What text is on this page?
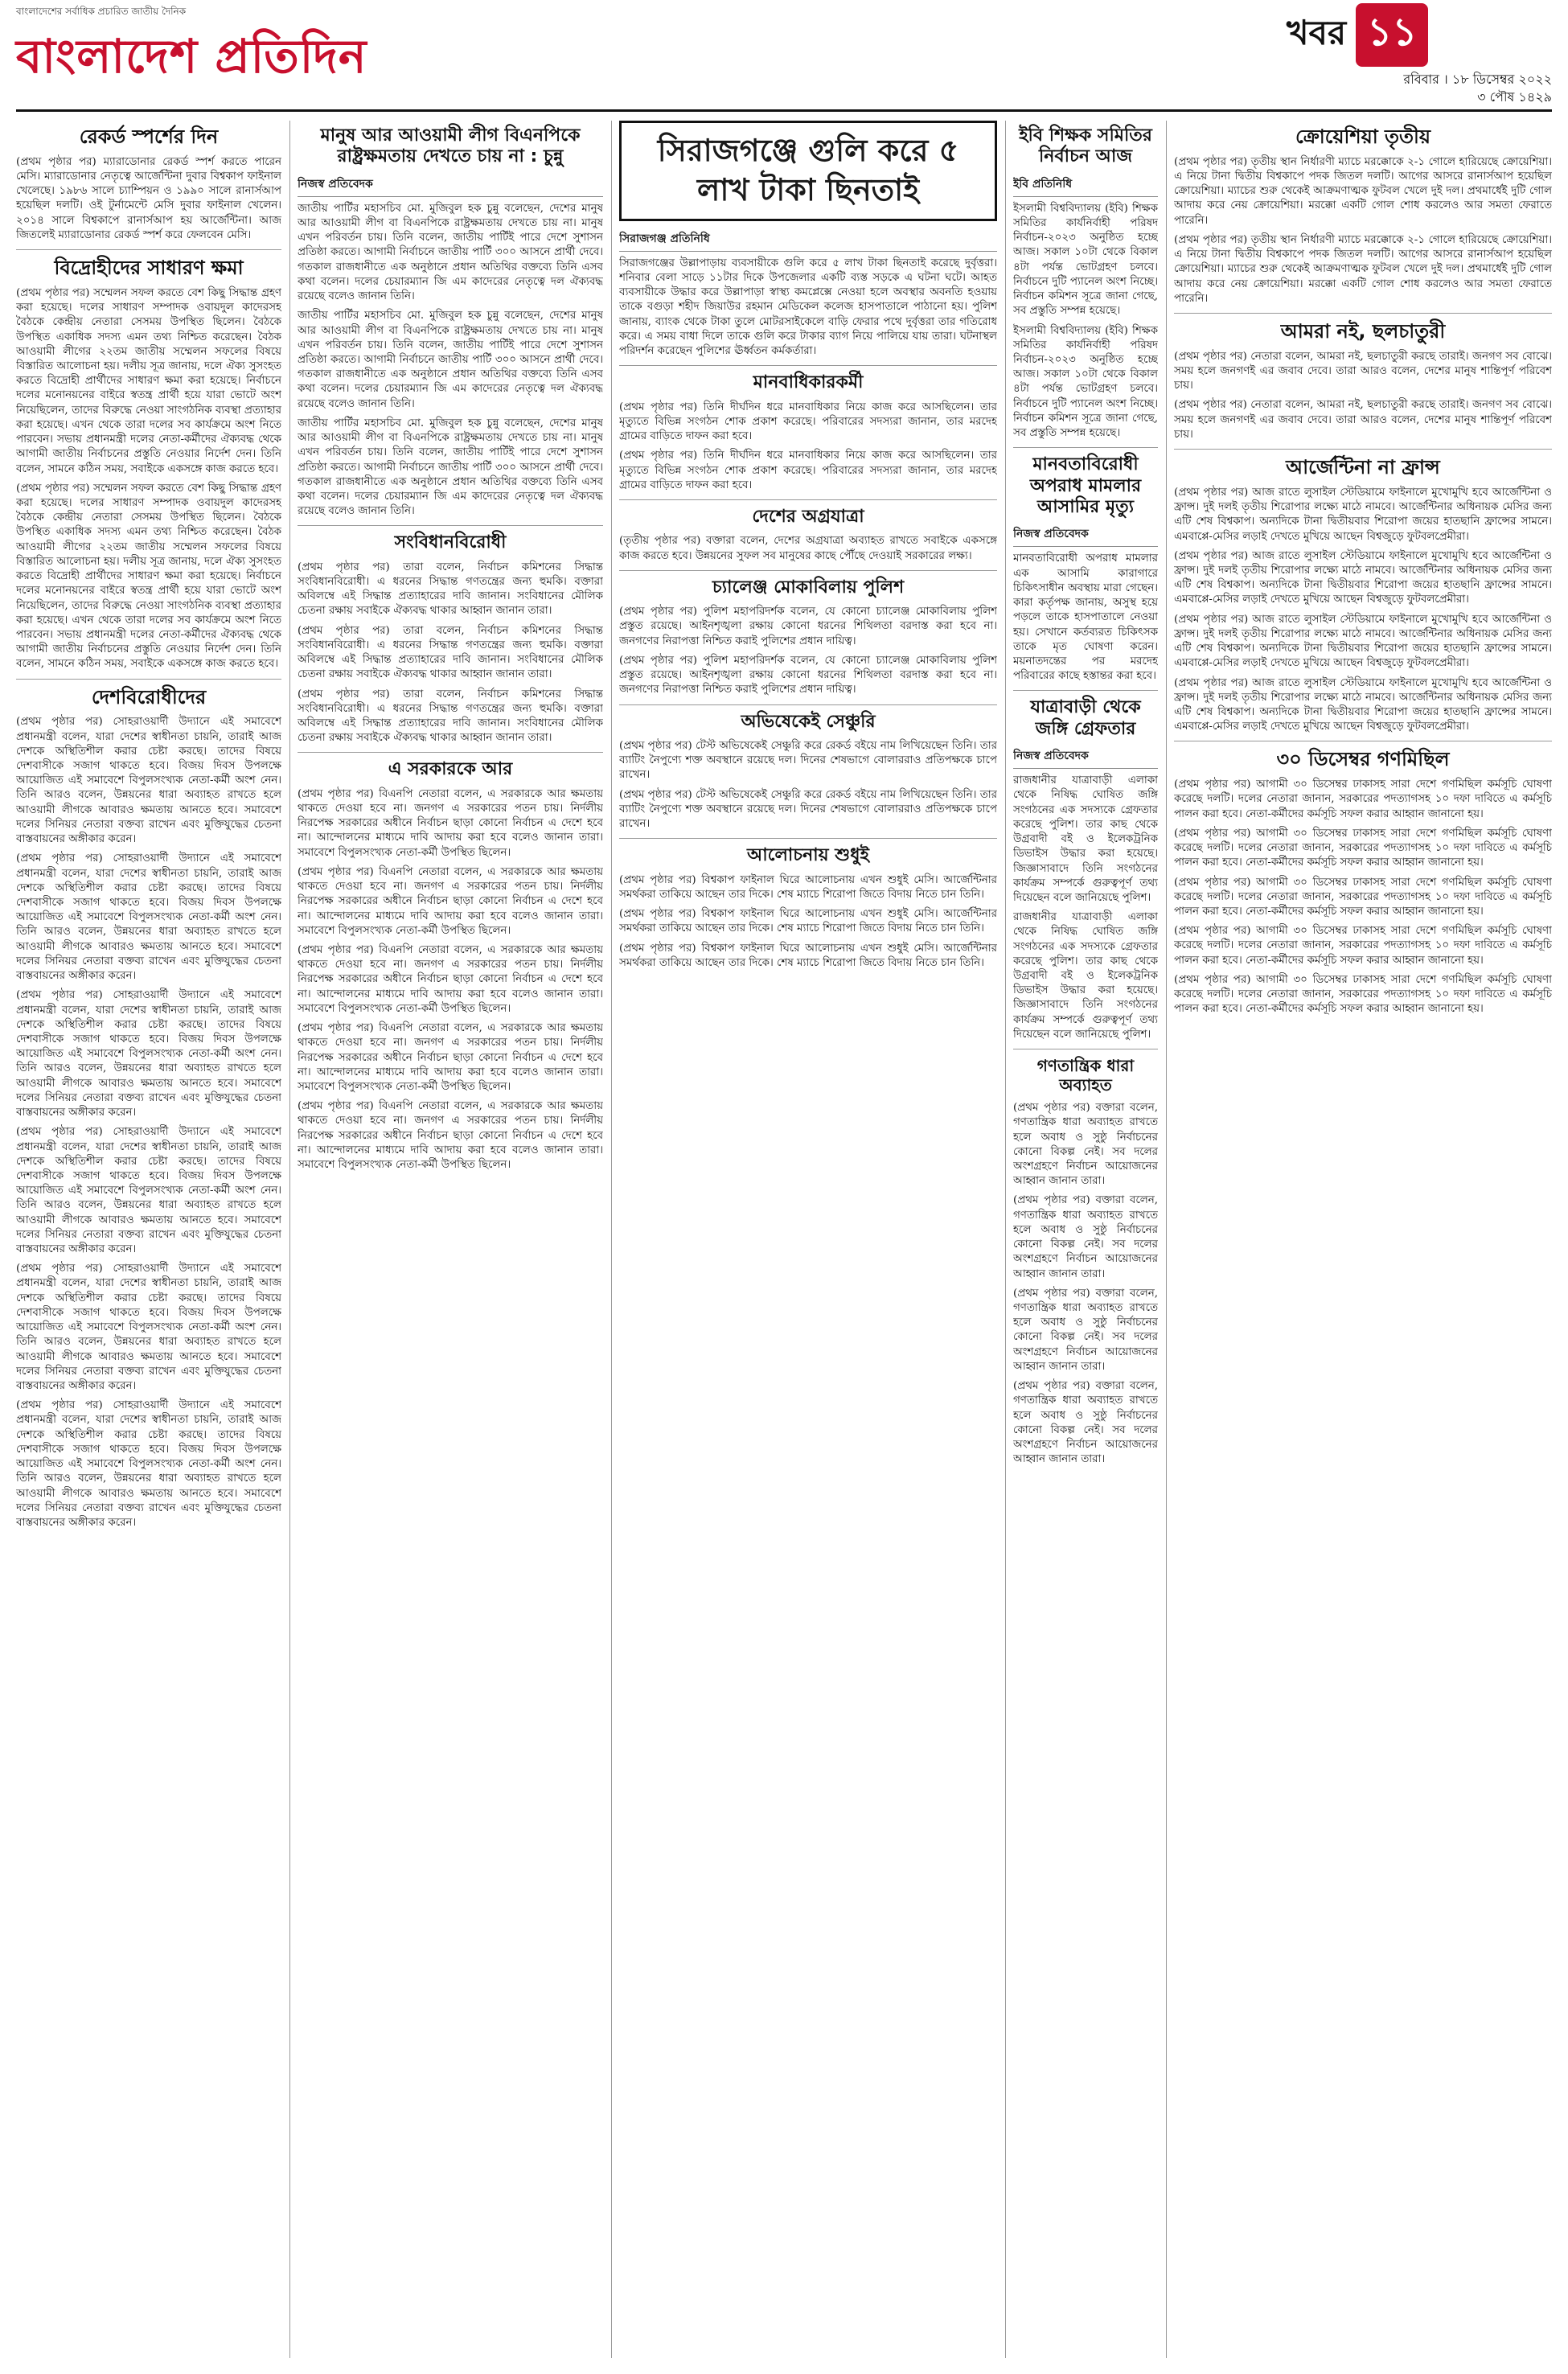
বাংলাদেশের সর্বাধিক প্রচারিত জাতীয় দৈনিক
বাংলাদেশ প্রতিদিন	খবর ১১
রবিবার । ১৮ ডিসেম্বর ২০২২
৩ পৌষ ১৪২৯
রেকর্ড স্পর্শের দিন

(প্রথম পৃষ্ঠার পর) ম্যারাডোনার রেকর্ড স্পর্শ করতে পারেন মেসি। ম্যারাডোনার নেতৃত্বে আর্জেন্টিনা দুবার বিশ্বকাপ ফাইনাল খেলেছে। ১৯৮৬ সালে চ্যাম্পিয়ন ও ১৯৯০ সালে রানার্সআপ হয়েছিল দলটি। ওই টুর্নামেন্টে মেসি দুবার ফাইনাল খেলেন। ২০১৪ সালে বিশ্বকাপে রানার্সআপ হয় আর্জেন্টিনা। আজ জিতলেই ম্যারাডোনার রেকর্ড স্পর্শ করে ফেলবেন মেসি।

বিদ্রোহীদের সাধারণ ক্ষমা

(প্রথম পৃষ্ঠার পর) সম্মেলন সফল করতে বেশ কিছু সিদ্ধান্ত গ্রহণ করা হয়েছে। দলের সাধারণ সম্পাদক ওবায়দুল কাদেরসহ বৈঠকে কেন্দ্রীয় নেতারা সেসময় উপস্থিত ছিলেন। বৈঠকে উপস্থিত একাধিক সদস্য এমন তথ্য নিশ্চিত করেছেন। বৈঠক আওয়ামী লীগের ২২তম জাতীয় সম্মেলন সফলের বিষয়ে বিস্তারিত আলোচনা হয়। দলীয় সূত্র জানায়, দলে ঐক্য সুসংহত করতে বিদ্রোহী প্রার্থীদের সাধারণ ক্ষমা করা হয়েছে। নির্বাচনে দলের মনোনয়নের বাইরে স্বতন্ত্র প্রার্থী হয়ে যারা ভোটে অংশ নিয়েছিলেন, তাদের বিরুদ্ধে নেওয়া সাংগঠনিক ব্যবস্থা প্রত্যাহার করা হয়েছে। এখন থেকে তারা দলের সব কার্যক্রমে অংশ নিতে পারবেন। সভায় প্রধানমন্ত্রী দলের নেতা-কর্মীদের ঐক্যবদ্ধ থেকে আগামী জাতীয় নির্বাচনের প্রস্তুতি নেওয়ার নির্দেশ দেন। তিনি বলেন, সামনে কঠিন সময়, সবাইকে একসঙ্গে কাজ করতে হবে।

(প্রথম পৃষ্ঠার পর) সম্মেলন সফল করতে বেশ কিছু সিদ্ধান্ত গ্রহণ করা হয়েছে। দলের সাধারণ সম্পাদক ওবায়দুল কাদেরসহ বৈঠকে কেন্দ্রীয় নেতারা সেসময় উপস্থিত ছিলেন। বৈঠকে উপস্থিত একাধিক সদস্য এমন তথ্য নিশ্চিত করেছেন। বৈঠক আওয়ামী লীগের ২২তম জাতীয় সম্মেলন সফলের বিষয়ে বিস্তারিত আলোচনা হয়। দলীয় সূত্র জানায়, দলে ঐক্য সুসংহত করতে বিদ্রোহী প্রার্থীদের সাধারণ ক্ষমা করা হয়েছে। নির্বাচনে দলের মনোনয়নের বাইরে স্বতন্ত্র প্রার্থী হয়ে যারা ভোটে অংশ নিয়েছিলেন, তাদের বিরুদ্ধে নেওয়া সাংগঠনিক ব্যবস্থা প্রত্যাহার করা হয়েছে। এখন থেকে তারা দলের সব কার্যক্রমে অংশ নিতে পারবেন। সভায় প্রধানমন্ত্রী দলের নেতা-কর্মীদের ঐক্যবদ্ধ থেকে আগামী জাতীয় নির্বাচনের প্রস্তুতি নেওয়ার নির্দেশ দেন। তিনি বলেন, সামনে কঠিন সময়, সবাইকে একসঙ্গে কাজ করতে হবে।

দেশবিরোধীদের

(প্রথম পৃষ্ঠার পর) সোহরাওয়ার্দী উদ্যানে এই সমাবেশে প্রধানমন্ত্রী বলেন, যারা দেশের স্বাধীনতা চায়নি, তারাই আজ দেশকে অস্থিতিশীল করার চেষ্টা করছে। তাদের বিষয়ে দেশবাসীকে সজাগ থাকতে হবে। বিজয় দিবস উপলক্ষে আয়োজিত এই সমাবেশে বিপুলসংখ্যক নেতা-কর্মী অংশ নেন। তিনি আরও বলেন, উন্নয়নের ধারা অব্যাহত রাখতে হলে আওয়ামী লীগকে আবারও ক্ষমতায় আনতে হবে। সমাবেশে দলের সিনিয়র নেতারা বক্তব্য রাখেন এবং মুক্তিযুদ্ধের চেতনা বাস্তবায়নের অঙ্গীকার করেন।

(প্রথম পৃষ্ঠার পর) সোহরাওয়ার্দী উদ্যানে এই সমাবেশে প্রধানমন্ত্রী বলেন, যারা দেশের স্বাধীনতা চায়নি, তারাই আজ দেশকে অস্থিতিশীল করার চেষ্টা করছে। তাদের বিষয়ে দেশবাসীকে সজাগ থাকতে হবে। বিজয় দিবস উপলক্ষে আয়োজিত এই সমাবেশে বিপুলসংখ্যক নেতা-কর্মী অংশ নেন। তিনি আরও বলেন, উন্নয়নের ধারা অব্যাহত রাখতে হলে আওয়ামী লীগকে আবারও ক্ষমতায় আনতে হবে। সমাবেশে দলের সিনিয়র নেতারা বক্তব্য রাখেন এবং মুক্তিযুদ্ধের চেতনা বাস্তবায়নের অঙ্গীকার করেন।

(প্রথম পৃষ্ঠার পর) সোহরাওয়ার্দী উদ্যানে এই সমাবেশে প্রধানমন্ত্রী বলেন, যারা দেশের স্বাধীনতা চায়নি, তারাই আজ দেশকে অস্থিতিশীল করার চেষ্টা করছে। তাদের বিষয়ে দেশবাসীকে সজাগ থাকতে হবে। বিজয় দিবস উপলক্ষে আয়োজিত এই সমাবেশে বিপুলসংখ্যক নেতা-কর্মী অংশ নেন। তিনি আরও বলেন, উন্নয়নের ধারা অব্যাহত রাখতে হলে আওয়ামী লীগকে আবারও ক্ষমতায় আনতে হবে। সমাবেশে দলের সিনিয়র নেতারা বক্তব্য রাখেন এবং মুক্তিযুদ্ধের চেতনা বাস্তবায়নের অঙ্গীকার করেন।

(প্রথম পৃষ্ঠার পর) সোহরাওয়ার্দী উদ্যানে এই সমাবেশে প্রধানমন্ত্রী বলেন, যারা দেশের স্বাধীনতা চায়নি, তারাই আজ দেশকে অস্থিতিশীল করার চেষ্টা করছে। তাদের বিষয়ে দেশবাসীকে সজাগ থাকতে হবে। বিজয় দিবস উপলক্ষে আয়োজিত এই সমাবেশে বিপুলসংখ্যক নেতা-কর্মী অংশ নেন। তিনি আরও বলেন, উন্নয়নের ধারা অব্যাহত রাখতে হলে আওয়ামী লীগকে আবারও ক্ষমতায় আনতে হবে। সমাবেশে দলের সিনিয়র নেতারা বক্তব্য রাখেন এবং মুক্তিযুদ্ধের চেতনা বাস্তবায়নের অঙ্গীকার করেন।

(প্রথম পৃষ্ঠার পর) সোহরাওয়ার্দী উদ্যানে এই সমাবেশে প্রধানমন্ত্রী বলেন, যারা দেশের স্বাধীনতা চায়নি, তারাই আজ দেশকে অস্থিতিশীল করার চেষ্টা করছে। তাদের বিষয়ে দেশবাসীকে সজাগ থাকতে হবে। বিজয় দিবস উপলক্ষে আয়োজিত এই সমাবেশে বিপুলসংখ্যক নেতা-কর্মী অংশ নেন। তিনি আরও বলেন, উন্নয়নের ধারা অব্যাহত রাখতে হলে আওয়ামী লীগকে আবারও ক্ষমতায় আনতে হবে। সমাবেশে দলের সিনিয়র নেতারা বক্তব্য রাখেন এবং মুক্তিযুদ্ধের চেতনা বাস্তবায়নের অঙ্গীকার করেন।

(প্রথম পৃষ্ঠার পর) সোহরাওয়ার্দী উদ্যানে এই সমাবেশে প্রধানমন্ত্রী বলেন, যারা দেশের স্বাধীনতা চায়নি, তারাই আজ দেশকে অস্থিতিশীল করার চেষ্টা করছে। তাদের বিষয়ে দেশবাসীকে সজাগ থাকতে হবে। বিজয় দিবস উপলক্ষে আয়োজিত এই সমাবেশে বিপুলসংখ্যক নেতা-কর্মী অংশ নেন। তিনি আরও বলেন, উন্নয়নের ধারা অব্যাহত রাখতে হলে আওয়ামী লীগকে আবারও ক্ষমতায় আনতে হবে। সমাবেশে দলের সিনিয়র নেতারা বক্তব্য রাখেন এবং মুক্তিযুদ্ধের চেতনা বাস্তবায়নের অঙ্গীকার করেন।

মানুষ আর আওয়ামী লীগ বিএনপিকে রাষ্ট্রক্ষমতায় দেখতে চায় না : চুন্নু
নিজস্ব প্রতিবেদক

জাতীয় পার্টির মহাসচিব মো. মুজিবুল হক চুন্নু বলেছেন, দেশের মানুষ আর আওয়ামী লীগ বা বিএনপিকে রাষ্ট্রক্ষমতায় দেখতে চায় না। মানুষ এখন পরিবর্তন চায়। তিনি বলেন, জাতীয় পার্টিই পারে দেশে সুশাসন প্রতিষ্ঠা করতে। আগামী নির্বাচনে জাতীয় পার্টি ৩০০ আসনে প্রার্থী দেবে। গতকাল রাজধানীতে এক অনুষ্ঠানে প্রধান অতিথির বক্তব্যে তিনি এসব কথা বলেন। দলের চেয়ারম্যান জি এম কাদেরের নেতৃত্বে দল ঐক্যবদ্ধ রয়েছে বলেও জানান তিনি।

জাতীয় পার্টির মহাসচিব মো. মুজিবুল হক চুন্নু বলেছেন, দেশের মানুষ আর আওয়ামী লীগ বা বিএনপিকে রাষ্ট্রক্ষমতায় দেখতে চায় না। মানুষ এখন পরিবর্তন চায়। তিনি বলেন, জাতীয় পার্টিই পারে দেশে সুশাসন প্রতিষ্ঠা করতে। আগামী নির্বাচনে জাতীয় পার্টি ৩০০ আসনে প্রার্থী দেবে। গতকাল রাজধানীতে এক অনুষ্ঠানে প্রধান অতিথির বক্তব্যে তিনি এসব কথা বলেন। দলের চেয়ারম্যান জি এম কাদেরের নেতৃত্বে দল ঐক্যবদ্ধ রয়েছে বলেও জানান তিনি।

জাতীয় পার্টির মহাসচিব মো. মুজিবুল হক চুন্নু বলেছেন, দেশের মানুষ আর আওয়ামী লীগ বা বিএনপিকে রাষ্ট্রক্ষমতায় দেখতে চায় না। মানুষ এখন পরিবর্তন চায়। তিনি বলেন, জাতীয় পার্টিই পারে দেশে সুশাসন প্রতিষ্ঠা করতে। আগামী নির্বাচনে জাতীয় পার্টি ৩০০ আসনে প্রার্থী দেবে। গতকাল রাজধানীতে এক অনুষ্ঠানে প্রধান অতিথির বক্তব্যে তিনি এসব কথা বলেন। দলের চেয়ারম্যান জি এম কাদেরের নেতৃত্বে দল ঐক্যবদ্ধ রয়েছে বলেও জানান তিনি।

সংবিধানবিরোধী

(প্রথম পৃষ্ঠার পর) তারা বলেন, নির্বাচন কমিশনের সিদ্ধান্ত সংবিধানবিরোধী। এ ধরনের সিদ্ধান্ত গণতন্ত্রের জন্য হুমকি। বক্তারা অবিলম্বে এই সিদ্ধান্ত প্রত্যাহারের দাবি জানান। সংবিধানের মৌলিক চেতনা রক্ষায় সবাইকে ঐক্যবদ্ধ থাকার আহ্বান জানান তারা।

(প্রথম পৃষ্ঠার পর) তারা বলেন, নির্বাচন কমিশনের সিদ্ধান্ত সংবিধানবিরোধী। এ ধরনের সিদ্ধান্ত গণতন্ত্রের জন্য হুমকি। বক্তারা অবিলম্বে এই সিদ্ধান্ত প্রত্যাহারের দাবি জানান। সংবিধানের মৌলিক চেতনা রক্ষায় সবাইকে ঐক্যবদ্ধ থাকার আহ্বান জানান তারা।

(প্রথম পৃষ্ঠার পর) তারা বলেন, নির্বাচন কমিশনের সিদ্ধান্ত সংবিধানবিরোধী। এ ধরনের সিদ্ধান্ত গণতন্ত্রের জন্য হুমকি। বক্তারা অবিলম্বে এই সিদ্ধান্ত প্রত্যাহারের দাবি জানান। সংবিধানের মৌলিক চেতনা রক্ষায় সবাইকে ঐক্যবদ্ধ থাকার আহ্বান জানান তারা।

এ সরকারকে আর

(প্রথম পৃষ্ঠার পর) বিএনপি নেতারা বলেন, এ সরকারকে আর ক্ষমতায় থাকতে দেওয়া হবে না। জনগণ এ সরকারের পতন চায়। নির্দলীয় নিরপেক্ষ সরকারের অধীনে নির্বাচন ছাড়া কোনো নির্বাচন এ দেশে হবে না। আন্দোলনের মাধ্যমে দাবি আদায় করা হবে বলেও জানান তারা। সমাবেশে বিপুলসংখ্যক নেতা-কর্মী উপস্থিত ছিলেন।

(প্রথম পৃষ্ঠার পর) বিএনপি নেতারা বলেন, এ সরকারকে আর ক্ষমতায় থাকতে দেওয়া হবে না। জনগণ এ সরকারের পতন চায়। নির্দলীয় নিরপেক্ষ সরকারের অধীনে নির্বাচন ছাড়া কোনো নির্বাচন এ দেশে হবে না। আন্দোলনের মাধ্যমে দাবি আদায় করা হবে বলেও জানান তারা। সমাবেশে বিপুলসংখ্যক নেতা-কর্মী উপস্থিত ছিলেন।

(প্রথম পৃষ্ঠার পর) বিএনপি নেতারা বলেন, এ সরকারকে আর ক্ষমতায় থাকতে দেওয়া হবে না। জনগণ এ সরকারের পতন চায়। নির্দলীয় নিরপেক্ষ সরকারের অধীনে নির্বাচন ছাড়া কোনো নির্বাচন এ দেশে হবে না। আন্দোলনের মাধ্যমে দাবি আদায় করা হবে বলেও জানান তারা। সমাবেশে বিপুলসংখ্যক নেতা-কর্মী উপস্থিত ছিলেন।

(প্রথম পৃষ্ঠার পর) বিএনপি নেতারা বলেন, এ সরকারকে আর ক্ষমতায় থাকতে দেওয়া হবে না। জনগণ এ সরকারের পতন চায়। নির্দলীয় নিরপেক্ষ সরকারের অধীনে নির্বাচন ছাড়া কোনো নির্বাচন এ দেশে হবে না। আন্দোলনের মাধ্যমে দাবি আদায় করা হবে বলেও জানান তারা। সমাবেশে বিপুলসংখ্যক নেতা-কর্মী উপস্থিত ছিলেন।

(প্রথম পৃষ্ঠার পর) বিএনপি নেতারা বলেন, এ সরকারকে আর ক্ষমতায় থাকতে দেওয়া হবে না। জনগণ এ সরকারের পতন চায়। নির্দলীয় নিরপেক্ষ সরকারের অধীনে নির্বাচন ছাড়া কোনো নির্বাচন এ দেশে হবে না। আন্দোলনের মাধ্যমে দাবি আদায় করা হবে বলেও জানান তারা। সমাবেশে বিপুলসংখ্যক নেতা-কর্মী উপস্থিত ছিলেন।

সিরাজগঞ্জে গুলি করে ৫ লাখ টাকা ছিনতাই
সিরাজগঞ্জ প্রতিনিধি

সিরাজগঞ্জের উল্লাপাড়ায় ব্যবসায়ীকে গুলি করে ৫ লাখ টাকা ছিনতাই করেছে দুর্বৃত্তরা। শনিবার বেলা সাড়ে ১১টার দিকে উপজেলার একটি ব্যস্ত সড়কে এ ঘটনা ঘটে। আহত ব্যবসায়ীকে উদ্ধার করে উল্লাপাড়া স্বাস্থ্য কমপ্লেক্সে নেওয়া হলে অবস্থার অবনতি হওয়ায় তাকে বগুড়া শহীদ জিয়াউর রহমান মেডিকেল কলেজ হাসপাতালে পাঠানো হয়। পুলিশ জানায়, ব্যাংক থেকে টাকা তুলে মোটরসাইকেলে বাড়ি ফেরার পথে দুর্বৃত্তরা তার গতিরোধ করে। এ সময় বাধা দিলে তাকে গুলি করে টাকার ব্যাগ নিয়ে পালিয়ে যায় তারা। ঘটনাস্থল পরিদর্শন করেছেন পুলিশের ঊর্ধ্বতন কর্মকর্তারা।

মানবাধিকারকর্মী

(প্রথম পৃষ্ঠার পর) তিনি দীর্ঘদিন ধরে মানবাধিকার নিয়ে কাজ করে আসছিলেন। তার মৃত্যুতে বিভিন্ন সংগঠন শোক প্রকাশ করেছে। পরিবারের সদস্যরা জানান, তার মরদেহ গ্রামের বাড়িতে দাফন করা হবে।

(প্রথম পৃষ্ঠার পর) তিনি দীর্ঘদিন ধরে মানবাধিকার নিয়ে কাজ করে আসছিলেন। তার মৃত্যুতে বিভিন্ন সংগঠন শোক প্রকাশ করেছে। পরিবারের সদস্যরা জানান, তার মরদেহ গ্রামের বাড়িতে দাফন করা হবে।

দেশের অগ্রযাত্রা

(তৃতীয় পৃষ্ঠার পর) বক্তারা বলেন, দেশের অগ্রযাত্রা অব্যাহত রাখতে সবাইকে একসঙ্গে কাজ করতে হবে। উন্নয়নের সুফল সব মানুষের কাছে পৌঁছে দেওয়াই সরকারের লক্ষ্য।

চ্যালেঞ্জ মোকাবিলায় পুলিশ

(প্রথম পৃষ্ঠার পর) পুলিশ মহাপরিদর্শক বলেন, যে কোনো চ্যালেঞ্জ মোকাবিলায় পুলিশ প্রস্তুত রয়েছে। আইনশৃঙ্খলা রক্ষায় কোনো ধরনের শিথিলতা বরদাস্ত করা হবে না। জনগণের নিরাপত্তা নিশ্চিত করাই পুলিশের প্রধান দায়িত্ব।

(প্রথম পৃষ্ঠার পর) পুলিশ মহাপরিদর্শক বলেন, যে কোনো চ্যালেঞ্জ মোকাবিলায় পুলিশ প্রস্তুত রয়েছে। আইনশৃঙ্খলা রক্ষায় কোনো ধরনের শিথিলতা বরদাস্ত করা হবে না। জনগণের নিরাপত্তা নিশ্চিত করাই পুলিশের প্রধান দায়িত্ব।

অভিষেকেই সেঞ্চুরি

(প্রথম পৃষ্ঠার পর) টেস্ট অভিষেকেই সেঞ্চুরি করে রেকর্ড বইয়ে নাম লিখিয়েছেন তিনি। তার ব্যাটিং নৈপুণ্যে শক্ত অবস্থানে রয়েছে দল। দিনের শেষভাগে বোলাররাও প্রতিপক্ষকে চাপে রাখেন।

(প্রথম পৃষ্ঠার পর) টেস্ট অভিষেকেই সেঞ্চুরি করে রেকর্ড বইয়ে নাম লিখিয়েছেন তিনি। তার ব্যাটিং নৈপুণ্যে শক্ত অবস্থানে রয়েছে দল। দিনের শেষভাগে বোলাররাও প্রতিপক্ষকে চাপে রাখেন।

আলোচনায় শুধুই

(প্রথম পৃষ্ঠার পর) বিশ্বকাপ ফাইনাল ঘিরে আলোচনায় এখন শুধুই মেসি। আর্জেন্টিনার সমর্থকরা তাকিয়ে আছেন তার দিকে। শেষ ম্যাচে শিরোপা জিতে বিদায় নিতে চান তিনি।

(প্রথম পৃষ্ঠার পর) বিশ্বকাপ ফাইনাল ঘিরে আলোচনায় এখন শুধুই মেসি। আর্জেন্টিনার সমর্থকরা তাকিয়ে আছেন তার দিকে। শেষ ম্যাচে শিরোপা জিতে বিদায় নিতে চান তিনি।

(প্রথম পৃষ্ঠার পর) বিশ্বকাপ ফাইনাল ঘিরে আলোচনায় এখন শুধুই মেসি। আর্জেন্টিনার সমর্থকরা তাকিয়ে আছেন তার দিকে। শেষ ম্যাচে শিরোপা জিতে বিদায় নিতে চান তিনি।

ইবি শিক্ষক সমিতির নির্বাচন আজ
ইবি প্রতিনিধি

ইসলামী বিশ্ববিদ্যালয় (ইবি) শিক্ষক সমিতির কার্যনির্বাহী পরিষদ নির্বাচন-২০২৩ অনুষ্ঠিত হচ্ছে আজ। সকাল ১০টা থেকে বিকাল ৪টা পর্যন্ত ভোটগ্রহণ চলবে। নির্বাচনে দুটি প্যানেল অংশ নিচ্ছে। নির্বাচন কমিশন সূত্রে জানা গেছে, সব প্রস্তুতি সম্পন্ন হয়েছে।

ইসলামী বিশ্ববিদ্যালয় (ইবি) শিক্ষক সমিতির কার্যনির্বাহী পরিষদ নির্বাচন-২০২৩ অনুষ্ঠিত হচ্ছে আজ। সকাল ১০টা থেকে বিকাল ৪টা পর্যন্ত ভোটগ্রহণ চলবে। নির্বাচনে দুটি প্যানেল অংশ নিচ্ছে। নির্বাচন কমিশন সূত্রে জানা গেছে, সব প্রস্তুতি সম্পন্ন হয়েছে।

মানবতাবিরোধী অপরাধ মামলার আসামির মৃত্যু
নিজস্ব প্রতিবেদক

মানবতাবিরোধী অপরাধ মামলার এক আসামি কারাগারে চিকিৎসাধীন অবস্থায় মারা গেছেন। কারা কর্তৃপক্ষ জানায়, অসুস্থ হয়ে পড়লে তাকে হাসপাতালে নেওয়া হয়। সেখানে কর্তব্যরত চিকিৎসক তাকে মৃত ঘোষণা করেন। ময়নাতদন্তের পর মরদেহ পরিবারের কাছে হস্তান্তর করা হবে।

যাত্রাবাড়ী থেকে জঙ্গি গ্রেফতার
নিজস্ব প্রতিবেদক

রাজধানীর যাত্রাবাড়ী এলাকা থেকে নিষিদ্ধ ঘোষিত জঙ্গি সংগঠনের এক সদস্যকে গ্রেফতার করেছে পুলিশ। তার কাছ থেকে উগ্রবাদী বই ও ইলেকট্রনিক ডিভাইস উদ্ধার করা হয়েছে। জিজ্ঞাসাবাদে তিনি সংগঠনের কার্যক্রম সম্পর্কে গুরুত্বপূর্ণ তথ্য দিয়েছেন বলে জানিয়েছে পুলিশ।

রাজধানীর যাত্রাবাড়ী এলাকা থেকে নিষিদ্ধ ঘোষিত জঙ্গি সংগঠনের এক সদস্যকে গ্রেফতার করেছে পুলিশ। তার কাছ থেকে উগ্রবাদী বই ও ইলেকট্রনিক ডিভাইস উদ্ধার করা হয়েছে। জিজ্ঞাসাবাদে তিনি সংগঠনের কার্যক্রম সম্পর্কে গুরুত্বপূর্ণ তথ্য দিয়েছেন বলে জানিয়েছে পুলিশ।

গণতান্ত্রিক ধারা অব্যাহত

(প্রথম পৃষ্ঠার পর) বক্তারা বলেন, গণতান্ত্রিক ধারা অব্যাহত রাখতে হলে অবাধ ও সুষ্ঠু নির্বাচনের কোনো বিকল্প নেই। সব দলের অংশগ্রহণে নির্বাচন আয়োজনের আহ্বান জানান তারা।

(প্রথম পৃষ্ঠার পর) বক্তারা বলেন, গণতান্ত্রিক ধারা অব্যাহত রাখতে হলে অবাধ ও সুষ্ঠু নির্বাচনের কোনো বিকল্প নেই। সব দলের অংশগ্রহণে নির্বাচন আয়োজনের আহ্বান জানান তারা।

(প্রথম পৃষ্ঠার পর) বক্তারা বলেন, গণতান্ত্রিক ধারা অব্যাহত রাখতে হলে অবাধ ও সুষ্ঠু নির্বাচনের কোনো বিকল্প নেই। সব দলের অংশগ্রহণে নির্বাচন আয়োজনের আহ্বান জানান তারা।

(প্রথম পৃষ্ঠার পর) বক্তারা বলেন, গণতান্ত্রিক ধারা অব্যাহত রাখতে হলে অবাধ ও সুষ্ঠু নির্বাচনের কোনো বিকল্প নেই। সব দলের অংশগ্রহণে নির্বাচন আয়োজনের আহ্বান জানান তারা।

ক্রোয়েশিয়া তৃতীয়

(প্রথম পৃষ্ঠার পর) তৃতীয় স্থান নির্ধারণী ম্যাচে মরক্কোকে ২-১ গোলে হারিয়েছে ক্রোয়েশিয়া। এ নিয়ে টানা দ্বিতীয় বিশ্বকাপে পদক জিতল দলটি। আগের আসরে রানার্সআপ হয়েছিল ক্রোয়েশিয়া। ম্যাচের শুরু থেকেই আক্রমণাত্মক ফুটবল খেলে দুই দল। প্রথমার্ধেই দুটি গোল আদায় করে নেয় ক্রোয়েশিয়া। মরক্কো একটি গোল শোধ করলেও আর সমতা ফেরাতে পারেনি।

(প্রথম পৃষ্ঠার পর) তৃতীয় স্থান নির্ধারণী ম্যাচে মরক্কোকে ২-১ গোলে হারিয়েছে ক্রোয়েশিয়া। এ নিয়ে টানা দ্বিতীয় বিশ্বকাপে পদক জিতল দলটি। আগের আসরে রানার্সআপ হয়েছিল ক্রোয়েশিয়া। ম্যাচের শুরু থেকেই আক্রমণাত্মক ফুটবল খেলে দুই দল। প্রথমার্ধেই দুটি গোল আদায় করে নেয় ক্রোয়েশিয়া। মরক্কো একটি গোল শোধ করলেও আর সমতা ফেরাতে পারেনি।

আমরা নই, ছলচাতুরী

(প্রথম পৃষ্ঠার পর) নেতারা বলেন, আমরা নই, ছলচাতুরী করছে তারাই। জনগণ সব বোঝে। সময় হলে জনগণই এর জবাব দেবে। তারা আরও বলেন, দেশের মানুষ শান্তিপূর্ণ পরিবেশ চায়।

(প্রথম পৃষ্ঠার পর) নেতারা বলেন, আমরা নই, ছলচাতুরী করছে তারাই। জনগণ সব বোঝে। সময় হলে জনগণই এর জবাব দেবে। তারা আরও বলেন, দেশের মানুষ শান্তিপূর্ণ পরিবেশ চায়।

আর্জেন্টিনা না ফ্রান্স

(প্রথম পৃষ্ঠার পর) আজ রাতে লুসাইল স্টেডিয়ামে ফাইনালে মুখোমুখি হবে আর্জেন্টিনা ও ফ্রান্স। দুই দলই তৃতীয় শিরোপার লক্ষ্যে মাঠে নামবে। আর্জেন্টিনার অধিনায়ক মেসির জন্য এটি শেষ বিশ্বকাপ। অন্যদিকে টানা দ্বিতীয়বার শিরোপা জয়ের হাতছানি ফ্রান্সের সামনে। এমবাপ্পে-মেসির লড়াই দেখতে মুখিয়ে আছেন বিশ্বজুড়ে ফুটবলপ্রেমীরা।

(প্রথম পৃষ্ঠার পর) আজ রাতে লুসাইল স্টেডিয়ামে ফাইনালে মুখোমুখি হবে আর্জেন্টিনা ও ফ্রান্স। দুই দলই তৃতীয় শিরোপার লক্ষ্যে মাঠে নামবে। আর্জেন্টিনার অধিনায়ক মেসির জন্য এটি শেষ বিশ্বকাপ। অন্যদিকে টানা দ্বিতীয়বার শিরোপা জয়ের হাতছানি ফ্রান্সের সামনে। এমবাপ্পে-মেসির লড়াই দেখতে মুখিয়ে আছেন বিশ্বজুড়ে ফুটবলপ্রেমীরা।

(প্রথম পৃষ্ঠার পর) আজ রাতে লুসাইল স্টেডিয়ামে ফাইনালে মুখোমুখি হবে আর্জেন্টিনা ও ফ্রান্স। দুই দলই তৃতীয় শিরোপার লক্ষ্যে মাঠে নামবে। আর্জেন্টিনার অধিনায়ক মেসির জন্য এটি শেষ বিশ্বকাপ। অন্যদিকে টানা দ্বিতীয়বার শিরোপা জয়ের হাতছানি ফ্রান্সের সামনে। এমবাপ্পে-মেসির লড়াই দেখতে মুখিয়ে আছেন বিশ্বজুড়ে ফুটবলপ্রেমীরা।

(প্রথম পৃষ্ঠার পর) আজ রাতে লুসাইল স্টেডিয়ামে ফাইনালে মুখোমুখি হবে আর্জেন্টিনা ও ফ্রান্স। দুই দলই তৃতীয় শিরোপার লক্ষ্যে মাঠে নামবে। আর্জেন্টিনার অধিনায়ক মেসির জন্য এটি শেষ বিশ্বকাপ। অন্যদিকে টানা দ্বিতীয়বার শিরোপা জয়ের হাতছানি ফ্রান্সের সামনে। এমবাপ্পে-মেসির লড়াই দেখতে মুখিয়ে আছেন বিশ্বজুড়ে ফুটবলপ্রেমীরা।

৩০ ডিসেম্বর গণমিছিল

(প্রথম পৃষ্ঠার পর) আগামী ৩০ ডিসেম্বর ঢাকাসহ সারা দেশে গণমিছিল কর্মসূচি ঘোষণা করেছে দলটি। দলের নেতারা জানান, সরকারের পদত্যাগসহ ১০ দফা দাবিতে এ কর্মসূচি পালন করা হবে। নেতা-কর্মীদের কর্মসূচি সফল করার আহ্বান জানানো হয়।

(প্রথম পৃষ্ঠার পর) আগামী ৩০ ডিসেম্বর ঢাকাসহ সারা দেশে গণমিছিল কর্মসূচি ঘোষণা করেছে দলটি। দলের নেতারা জানান, সরকারের পদত্যাগসহ ১০ দফা দাবিতে এ কর্মসূচি পালন করা হবে। নেতা-কর্মীদের কর্মসূচি সফল করার আহ্বান জানানো হয়।

(প্রথম পৃষ্ঠার পর) আগামী ৩০ ডিসেম্বর ঢাকাসহ সারা দেশে গণমিছিল কর্মসূচি ঘোষণা করেছে দলটি। দলের নেতারা জানান, সরকারের পদত্যাগসহ ১০ দফা দাবিতে এ কর্মসূচি পালন করা হবে। নেতা-কর্মীদের কর্মসূচি সফল করার আহ্বান জানানো হয়।

(প্রথম পৃষ্ঠার পর) আগামী ৩০ ডিসেম্বর ঢাকাসহ সারা দেশে গণমিছিল কর্মসূচি ঘোষণা করেছে দলটি। দলের নেতারা জানান, সরকারের পদত্যাগসহ ১০ দফা দাবিতে এ কর্মসূচি পালন করা হবে। নেতা-কর্মীদের কর্মসূচি সফল করার আহ্বান জানানো হয়।

(প্রথম পৃষ্ঠার পর) আগামী ৩০ ডিসেম্বর ঢাকাসহ সারা দেশে গণমিছিল কর্মসূচি ঘোষণা করেছে দলটি। দলের নেতারা জানান, সরকারের পদত্যাগসহ ১০ দফা দাবিতে এ কর্মসূচি পালন করা হবে। নেতা-কর্মীদের কর্মসূচি সফল করার আহ্বান জানানো হয়।
